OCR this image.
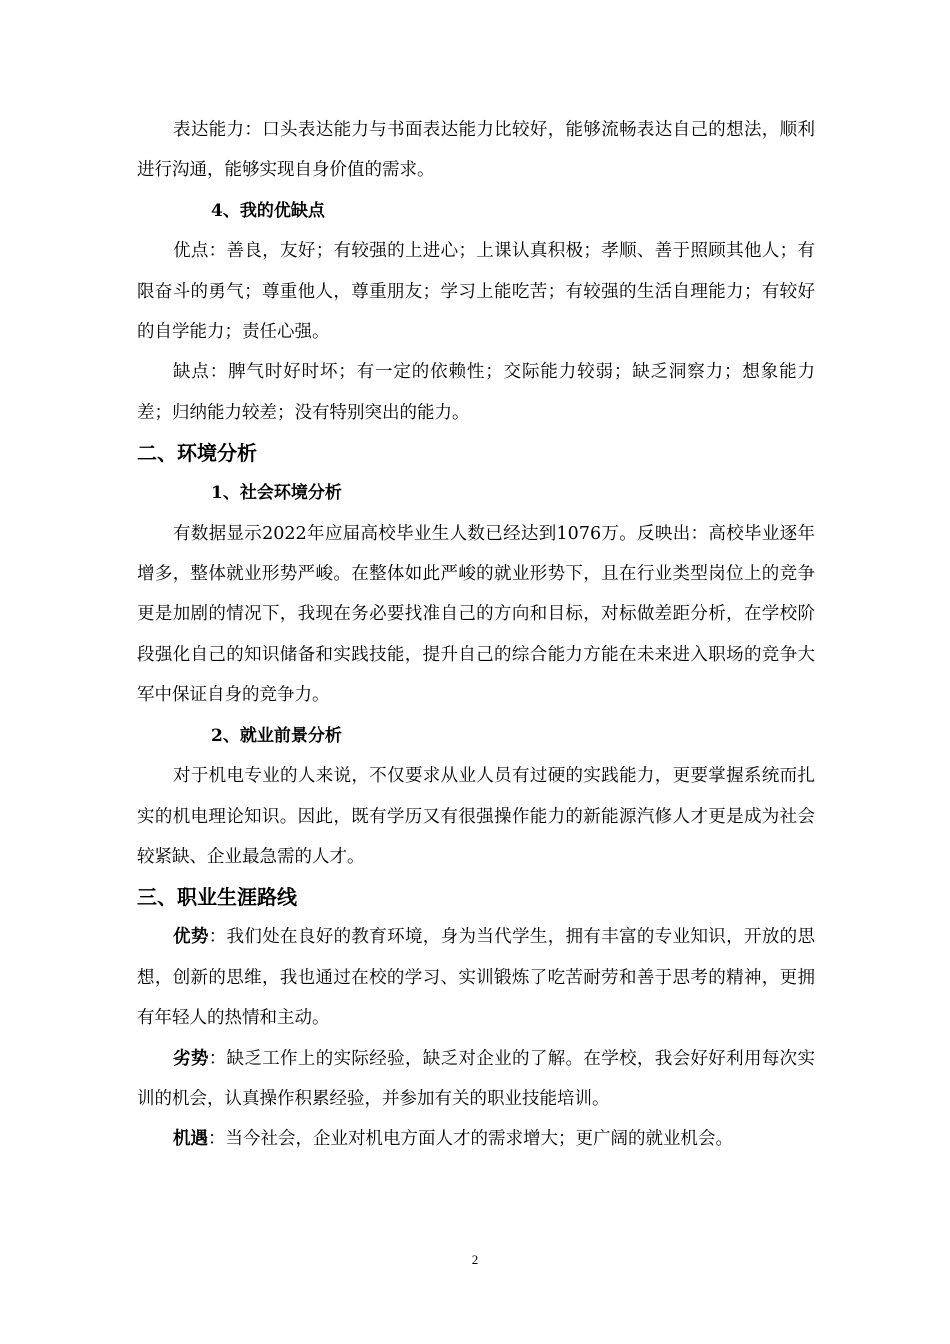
表达能力：口头表达能力与书面表达能力比较好，能够流畅表达自己的想法，顺利进行沟通，能够实现自身价值的需求。

4、我的优缺点

优点：善良，友好；有较强的上进心；上课认真积极；孝顺、善于照顾其他人；有限奋斗的勇气；尊重他人，尊重朋友；学习上能吃苦；有较强的生活自理能力；有较好的自学能力；责任心强。

缺点：脾气时好时坏；有一定的依赖性；交际能力较弱；缺乏洞察力；想象能力差；归纳能力较差；没有特别突出的能力。

二、环境分析

1、社会环境分析

有数据显示2022年应届高校毕业生人数已经达到1076万。反映出：高校毕业逐年增多，整体就业形势严峻。在整体如此严峻的就业形势下，且在行业类型岗位上的竞争更是加剧的情况下，我现在务必要找准自己的方向和目标，对标做差距分析，在学校阶段强化自己的知识储备和实践技能，提升自己的综合能力方能在未来进入职场的竞争大军中保证自身的竞争力。

2、就业前景分析

对于机电专业的人来说，不仅要求从业人员有过硬的实践能力，更要掌握系统而扎实的机电理论知识。因此，既有学历又有很强操作能力的新能源汽修人才更是成为社会较紧缺、企业最急需的人才。

三、职业生涯路线

优势：我们处在良好的教育环境，身为当代学生，拥有丰富的专业知识，开放的思想，创新的思维，我也通过在校的学习、实训锻炼了吃苦耐劳和善于思考的精神，更拥有年轻人的热情和主动。

劣势：缺乏工作上的实际经验，缺乏对企业的了解。在学校，我会好好利用每次实训的机会，认真操作积累经验，并参加有关的职业技能培训。

机遇：当今社会，企业对机电方面人才的需求增大；更广阔的就业机会。

2
